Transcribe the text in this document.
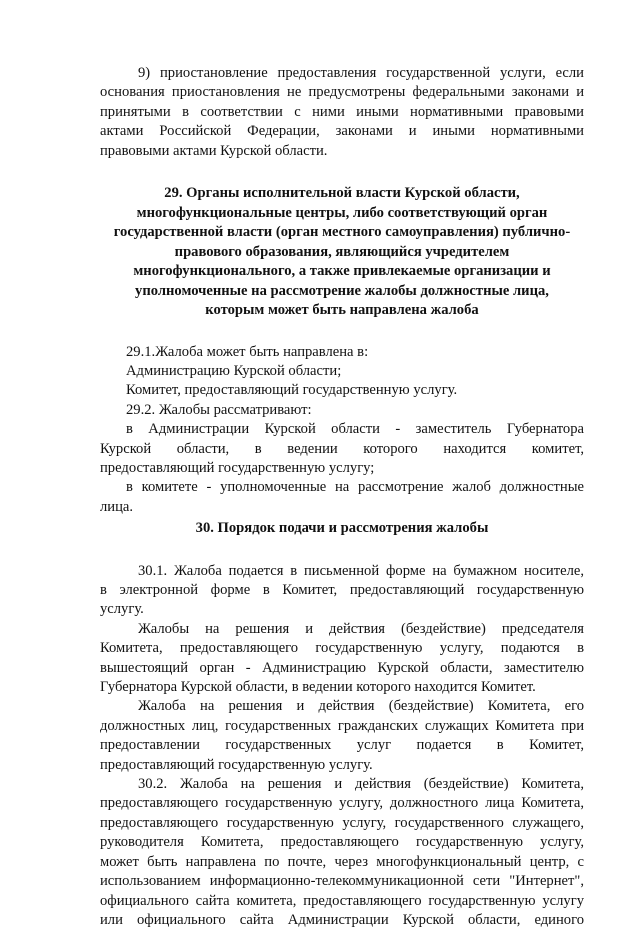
9) приостановление предоставления государственной услуги, если

основания приостановления не предусмотрены федеральными законами и

принятыми в соответствии с ними иными нормативными правовыми

актами Российской Федерации, законами и иными нормативными

правовыми актами Курской области.

29. Органы исполнительной власти Курской области,

многофункциональные центры, либо соответствующий орган

государственной власти (орган местного самоуправления) публично-

правового образования, являющийся учредителем

многофункционального, а также привлекаемые организации и

уполномоченные на рассмотрение жалобы должностные лица,

которым может быть направлена жалоба

29.1.Жалоба может быть направлена в:

Администрацию Курской области;

Комитет, предоставляющий государственную услугу.

29.2. Жалобы рассматривают:

в Администрации Курской области - заместитель Губернатора

Курской области, в ведении которого находится комитет,

предоставляющий государственную услугу;

в комитете - уполномоченные на рассмотрение жалоб должностные

лица.

30. Порядок подачи и рассмотрения жалобы

30.1. Жалоба подается в письменной форме на бумажном носителе,

в электронной форме в Комитет, предоставляющий государственную

услугу.

Жалобы на решения и действия (бездействие) председателя

Комитета, предоставляющего государственную услугу, подаются в

вышестоящий орган - Администрацию Курской области, заместителю

Губернатора Курской области, в ведении которого находится Комитет.

Жалоба на решения и действия (бездействие) Комитета, его

должностных лиц, государственных гражданских служащих Комитета при

предоставлении государственных услуг подается в Комитет,

предоставляющий государственную услугу.

30.2. Жалоба на решения и действия (бездействие) Комитета,

предоставляющего государственную услугу, должностного лица Комитета,

предоставляющего государственную услугу, государственного служащего,

руководителя Комитета, предоставляющего государственную услугу,

может быть направлена по почте, через многофункциональный центр, с

использованием информационно-телекоммуникационной сети "Интернет",

официального сайта комитета, предоставляющего государственную услугу

или официального сайта Администрации Курской области, единого
